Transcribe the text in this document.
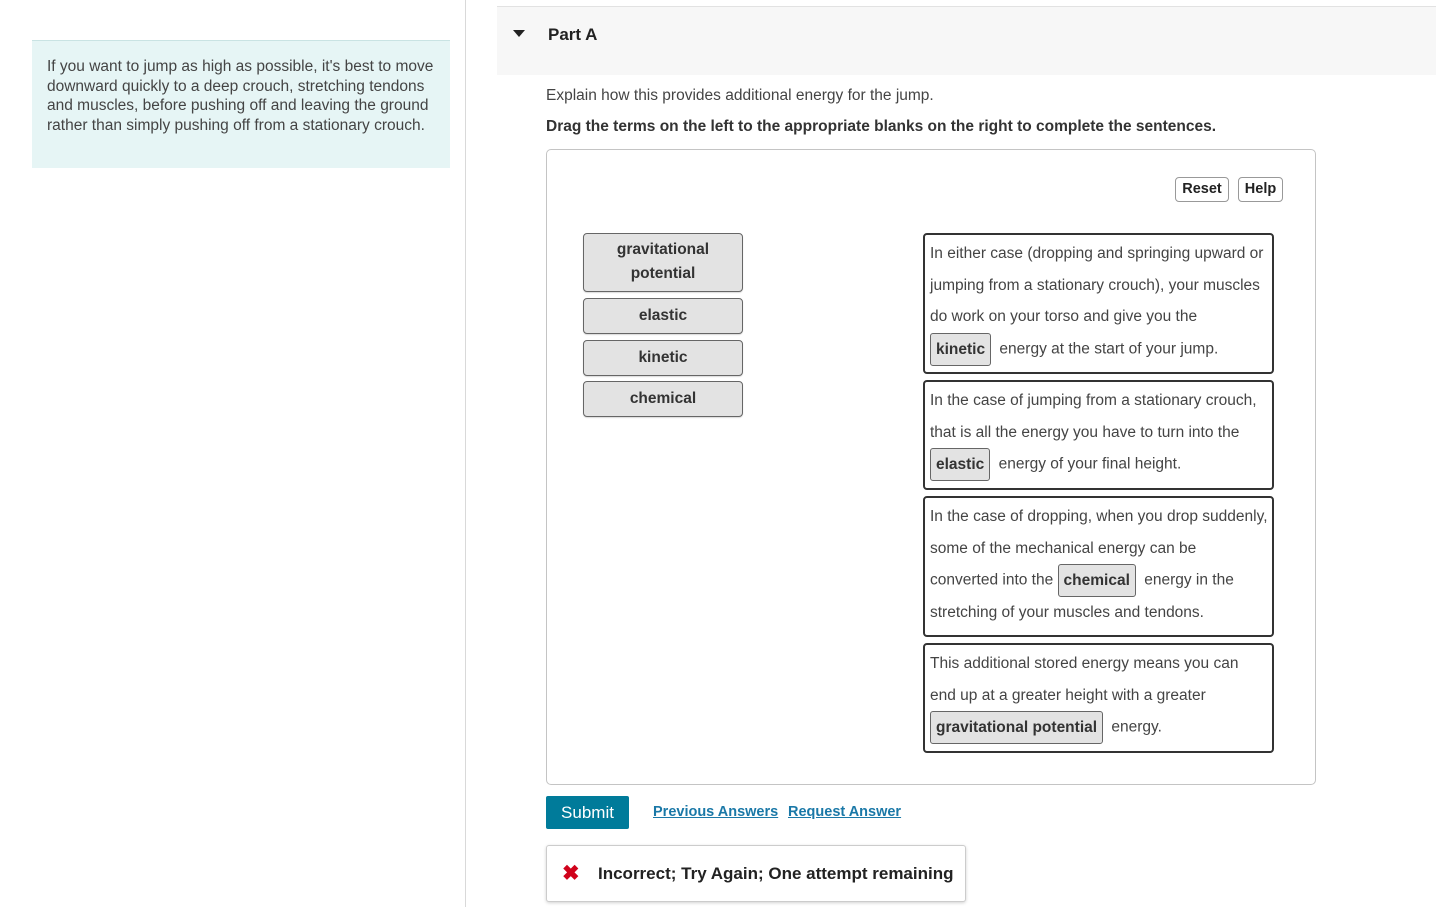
If you want to jump as high as possible, it's best to move downward quickly to a deep crouch, stretching tendons and muscles, before pushing off and leaving the ground rather than simply pushing off from a stationary crouch.
Part A
Explain how this provides additional energy for the jump.
Drag the terms on the left to the appropriate blanks on the right to complete the sentences.
Reset	Help
gravitational potential
elastic
kinetic
chemical
In either case (dropping and springing upward or jumping from a stationary crouch), your muscles do work on your torso and give you the
kinetic energy at the start of your jump.
In the case of jumping from a stationary crouch, that is all the energy you have to turn into the
elastic energy of your final height.
In the case of dropping, when you drop suddenly, some of the mechanical energy can be converted into the chemical energy in the stretching of your muscles and tendons.
This additional stored energy means you can end up at a greater height with a greater
gravitational potential energy.
Submit	Previous Answers Request Answer
✖ Incorrect; Try Again; One attempt remaining
